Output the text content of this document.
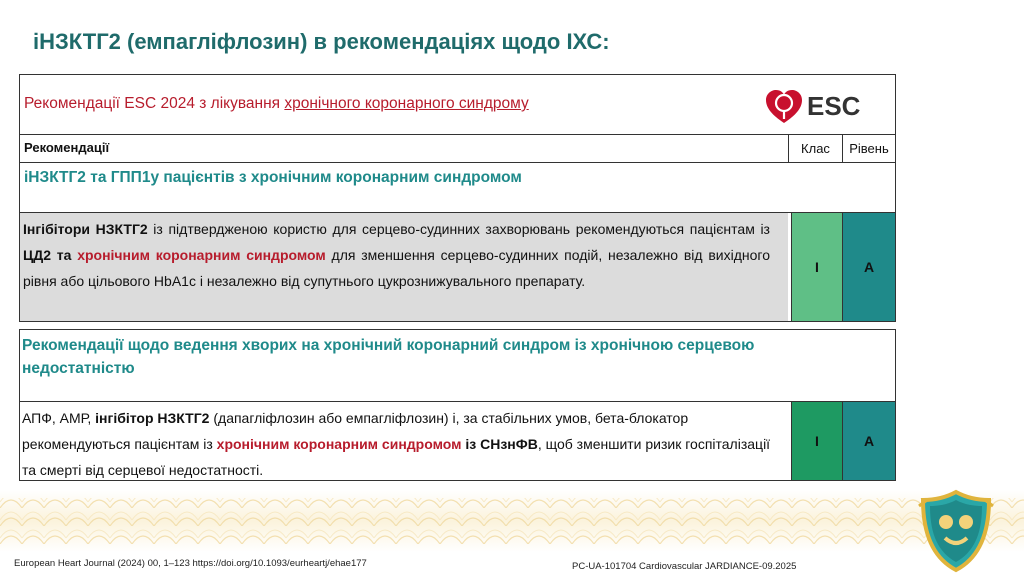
іНЗКТГ2 (емпагліфлозин) в рекомендаціях щодо ІХС:
Рекомендації ESC 2024 з лікування хронічного коронарного синдрому	ESC
Рекомендації	Клас	Рівень
іНЗКТГ2 та ГПП1у пацієнтів з хронічним коронарним синдромом
Інгібітори НЗКТГ2 із підтвердженою користю для серцево-судинних захворювань рекомендуються пацієнтам із ЦД2 та хронічним коронарним синдромом для зменшення серцево-судинних подій, незалежно від вихідного рівня або цільового HbA1c і незалежно від супутнього цукрознижувального препарату.
I	A
Рекомендації щодо ведення хворих на хронічний коронарний синдром із хронічною серцевою недостатністю
АПФ, АМР, інгібітор НЗКТГ2 (дапагліфлозин або емпагліфлозин) і, за стабільних умов, бета-блокатор рекомендуються пацієнтам із хронічним коронарним синдромом із СНзнФВ, щоб зменшити ризик госпіталізації та смерті від серцевої недостатності.
I	A
European Heart Journal (2024) 00, 1–123 https://doi.org/10.1093/eurheartj/ehae177	PC-UA-101704 Cardiovascular JARDIANCE-09.2025
